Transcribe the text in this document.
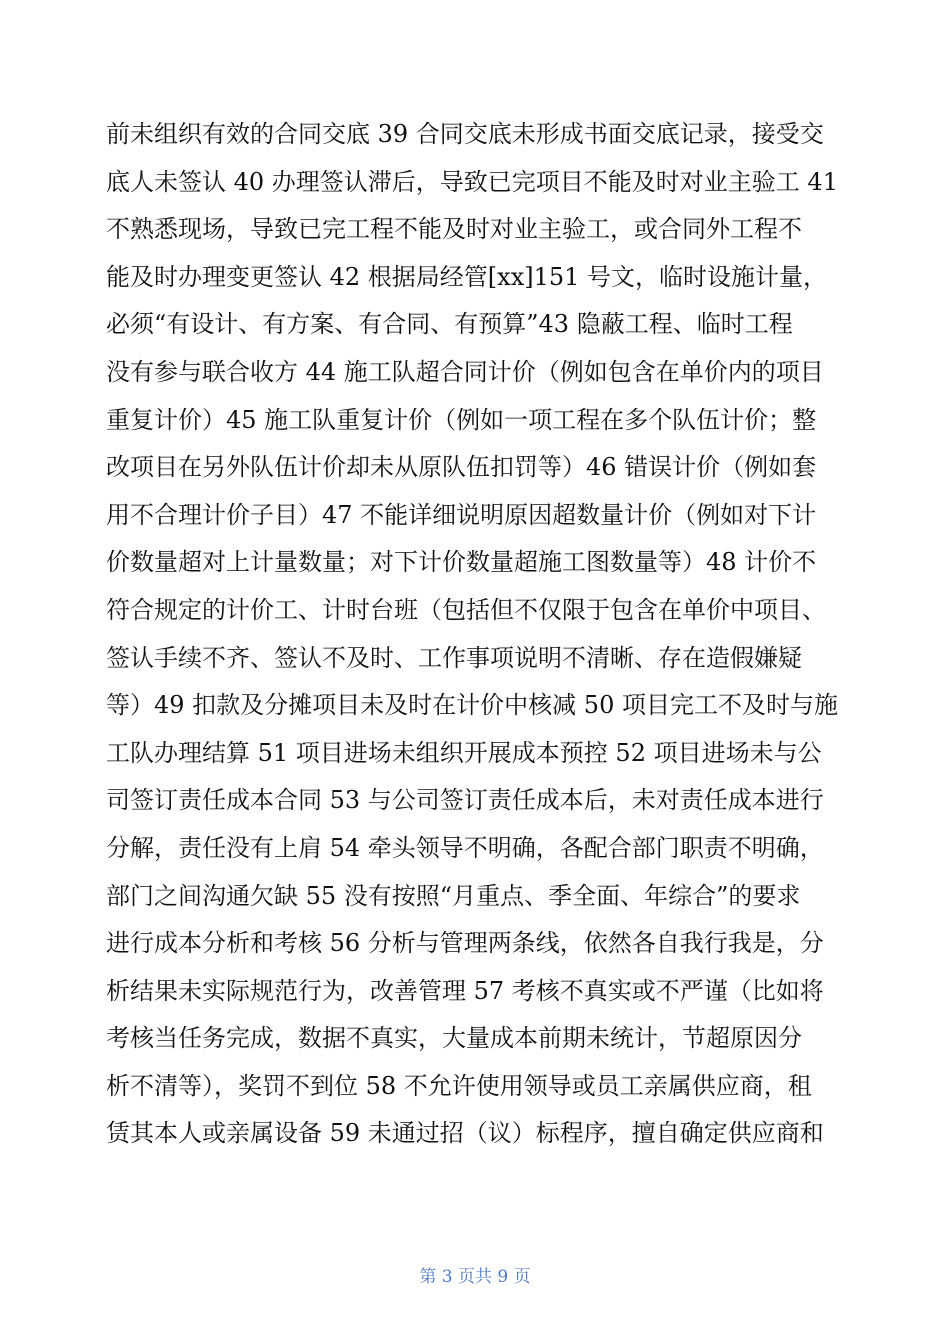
前未组织有效的合同交底 39 合同交底未形成书面交底记录，接受交
底人未签认 40 办理签认滞后，导致已完项目不能及时对业主验工 41
不熟悉现场，导致已完工程不能及时对业主验工，或合同外工程不
能及时办理变更签认 42 根据局经管[xx]151 号文，临时设施计量，
必须“有设计、有方案、有合同、有预算”43 隐蔽工程、临时工程
没有参与联合收方 44 施工队超合同计价（例如包含在单价内的项目
重复计价）45 施工队重复计价（例如一项工程在多个队伍计价；整
改项目在另外队伍计价却未从原队伍扣罚等）46 错误计价（例如套
用不合理计价子目）47 不能详细说明原因超数量计价（例如对下计
价数量超对上计量数量；对下计价数量超施工图数量等）48 计价不
符合规定的计价工、计时台班（包括但不仅限于包含在单价中项目、
签认手续不齐、签认不及时、工作事项说明不清晰、存在造假嫌疑
等）49 扣款及分摊项目未及时在计价中核减 50 项目完工不及时与施
工队办理结算 51 项目进场未组织开展成本预控 52 项目进场未与公
司签订责任成本合同 53 与公司签订责任成本后，未对责任成本进行
分解，责任没有上肩 54 牵头领导不明确，各配合部门职责不明确，
部门之间沟通欠缺 55 没有按照“月重点、季全面、年综合”的要求
进行成本分析和考核 56 分析与管理两条线，依然各自我行我是，分
析结果未实际规范行为，改善管理 57 考核不真实或不严谨（比如将
考核当任务完成，数据不真实，大量成本前期未统计，节超原因分
析不清等），奖罚不到位 58 不允许使用领导或员工亲属供应商，租
赁其本人或亲属设备 59 未通过招（议）标程序，擅自确定供应商和
第 3 页共 9 页
